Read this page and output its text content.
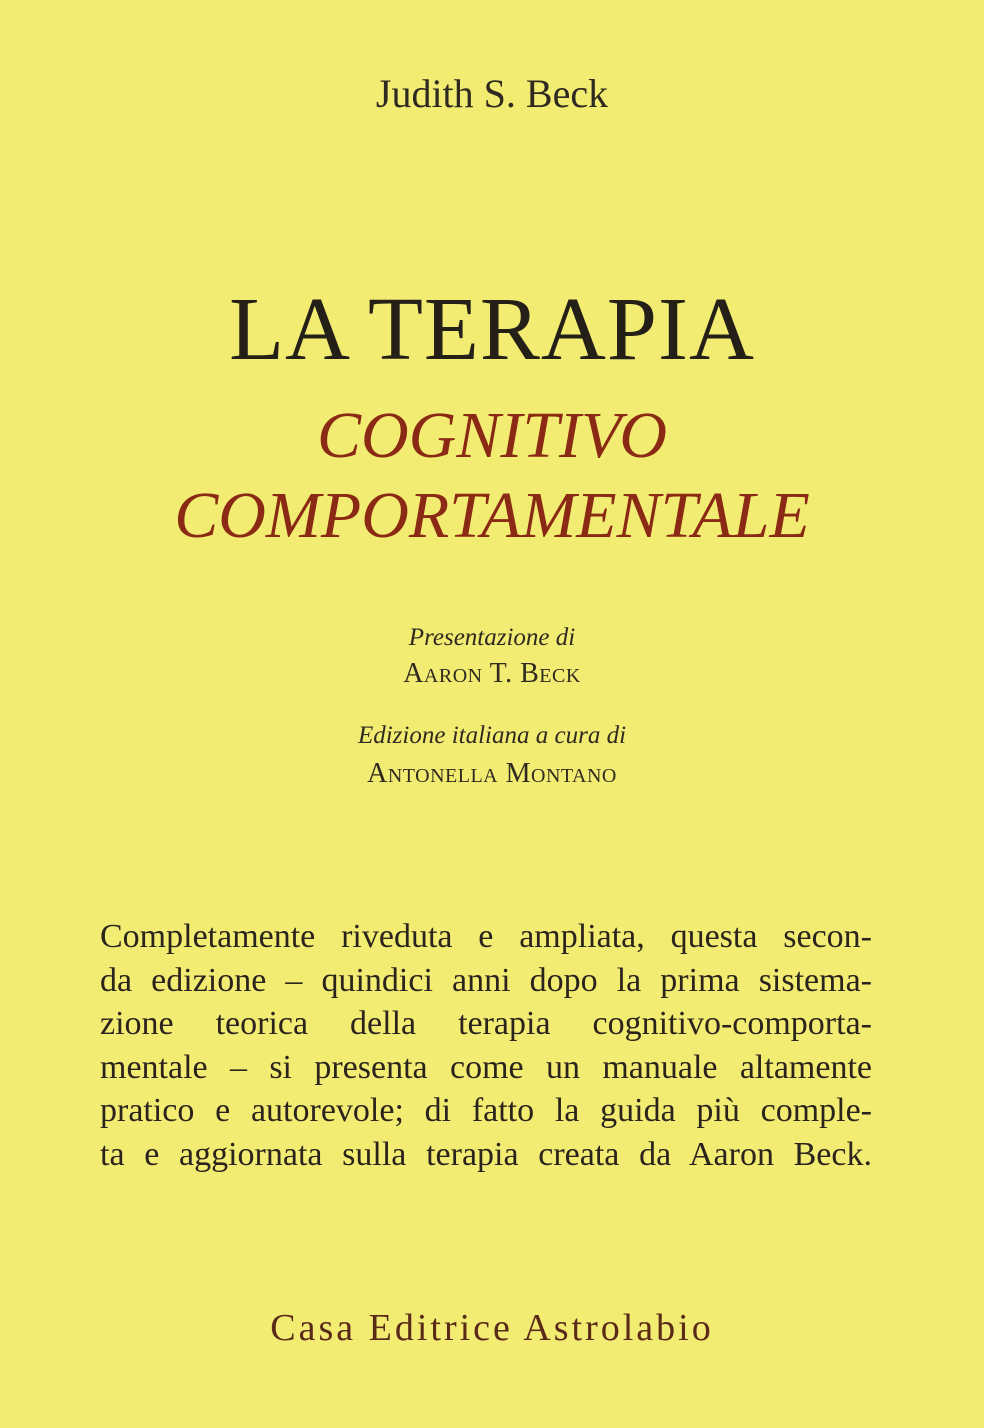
Judith S. Beck

LA TERAPIA

COGNITIVO

COMPORTAMENTALE

Presentazione di

Aaron T. Beck

Edizione italiana a cura di

Antonella Montano

Completamente riveduta e ampliata, questa secon-
da edizione – quindici anni dopo la prima sistema-
zione teorica della terapia cognitivo-comporta-
mentale – si presenta come un manuale altamente
pratico e autorevole; di fatto la guida più comple-
ta e aggiornata sulla terapia creata da Aaron Beck.

Casa Editrice Astrolabio
